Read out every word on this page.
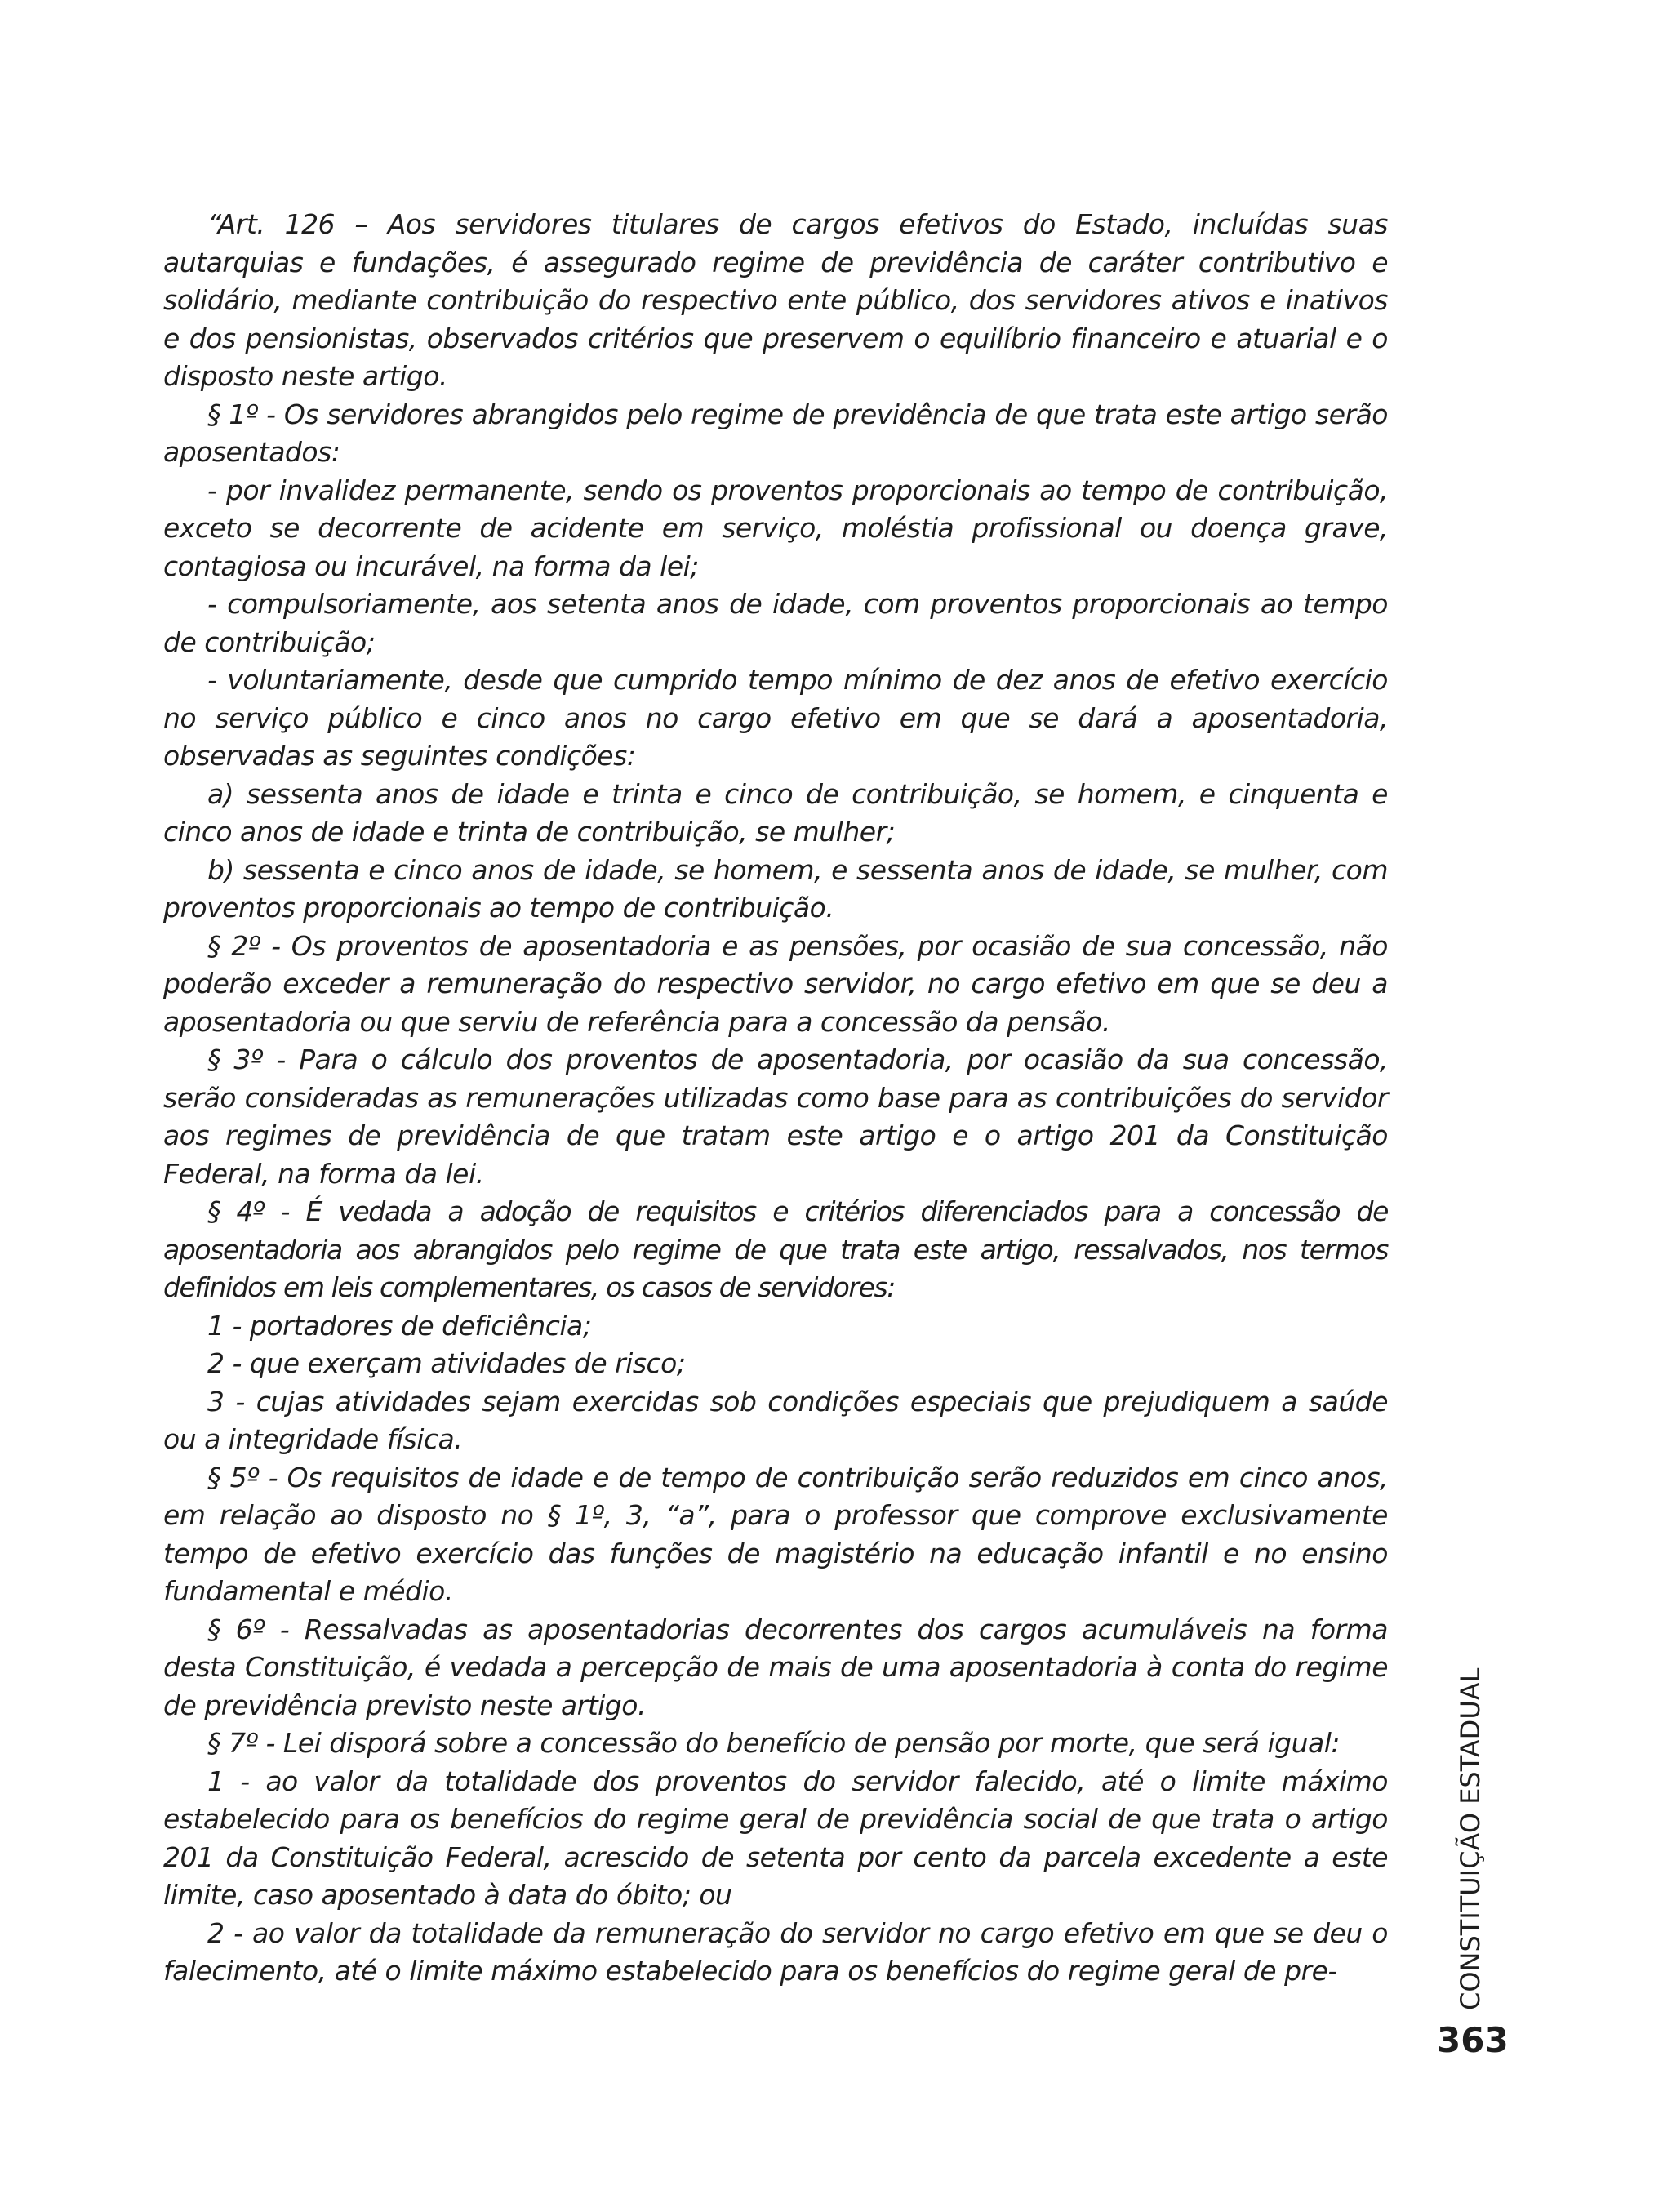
“Art. 126 – Aos servidores titulares de cargos efetivos do Estado, incluídas suas autarquias e fundações, é assegurado regime de previdência de caráter contributivo e solidário, mediante contribuição do respectivo ente público, dos servidores ativos e inativos e dos pensionistas, observados critérios que preservem o equilíbrio financeiro e atuarial e o disposto neste artigo.

§ 1º - Os servidores abrangidos pelo regime de previdência de que trata este artigo serão aposentados:

- por invalidez permanente, sendo os proventos proporcionais ao tempo de contribuição, exceto se decorrente de acidente em serviço, moléstia profissional ou doença grave, contagiosa ou incurável, na forma da lei;

- compulsoriamente, aos setenta anos de idade, com proventos proporcionais ao tempo de contribuição;

- voluntariamente, desde que cumprido tempo mínimo de dez anos de efetivo exercício no serviço público e cinco anos no cargo efetivo em que se dará a aposentadoria, observadas as seguintes condições:

a) sessenta anos de idade e trinta e cinco de contribuição, se homem, e cinquenta e cinco anos de idade e trinta de contribuição, se mulher;

b) sessenta e cinco anos de idade, se homem, e sessenta anos de idade, se mulher, com proventos proporcionais ao tempo de contribuição.

§ 2º - Os proventos de aposentadoria e as pensões, por ocasião de sua concessão, não poderão exceder a remuneração do respectivo servidor, no cargo efetivo em que se deu a aposentadoria ou que serviu de referência para a concessão da pensão.

§ 3º - Para o cálculo dos proventos de aposentadoria, por ocasião da sua concessão, serão consideradas as remunerações utilizadas como base para as contribuições do servidor aos regimes de previdência de que tratam este artigo e o artigo 201 da Constituição Federal, na forma da lei.

§ 4º - É vedada a adoção de requisitos e critérios diferenciados para a concessão de aposentadoria aos abrangidos pelo regime de que trata este artigo, ressalvados, nos termos definidos em leis complementares, os casos de servidores:

1 - portadores de deficiência;

2 - que exerçam atividades de risco;

3 - cujas atividades sejam exercidas sob condições especiais que prejudiquem a saúde ou a integridade física.

§ 5º - Os requisitos de idade e de tempo de contribuição serão reduzidos em cinco anos, em relação ao disposto no § 1º, 3, “a”, para o professor que comprove exclusivamente tempo de efetivo exercício das funções de magistério na educação infantil e no ensino fundamental e médio.

§ 6º - Ressalvadas as aposentadorias decorrentes dos cargos acumuláveis na forma desta Constituição, é vedada a percepção de mais de uma aposentadoria à conta do regime de previdência previsto neste artigo.

§ 7º - Lei disporá sobre a concessão do benefício de pensão por morte, que será igual:

1 - ao valor da totalidade dos proventos do servidor falecido, até o limite máximo estabelecido para os benefícios do regime geral de previdência social de que trata o artigo 201 da Constituição Federal, acrescido de setenta por cento da parcela excedente a este limite, caso aposentado à data do óbito; ou

2 - ao valor da totalidade da remuneração do servidor no cargo efetivo em que se deu o falecimento, até o limite máximo estabelecido para os benefícios do regime geral de pre-	CONSTITUIÇÃO ESTADUAL
363
